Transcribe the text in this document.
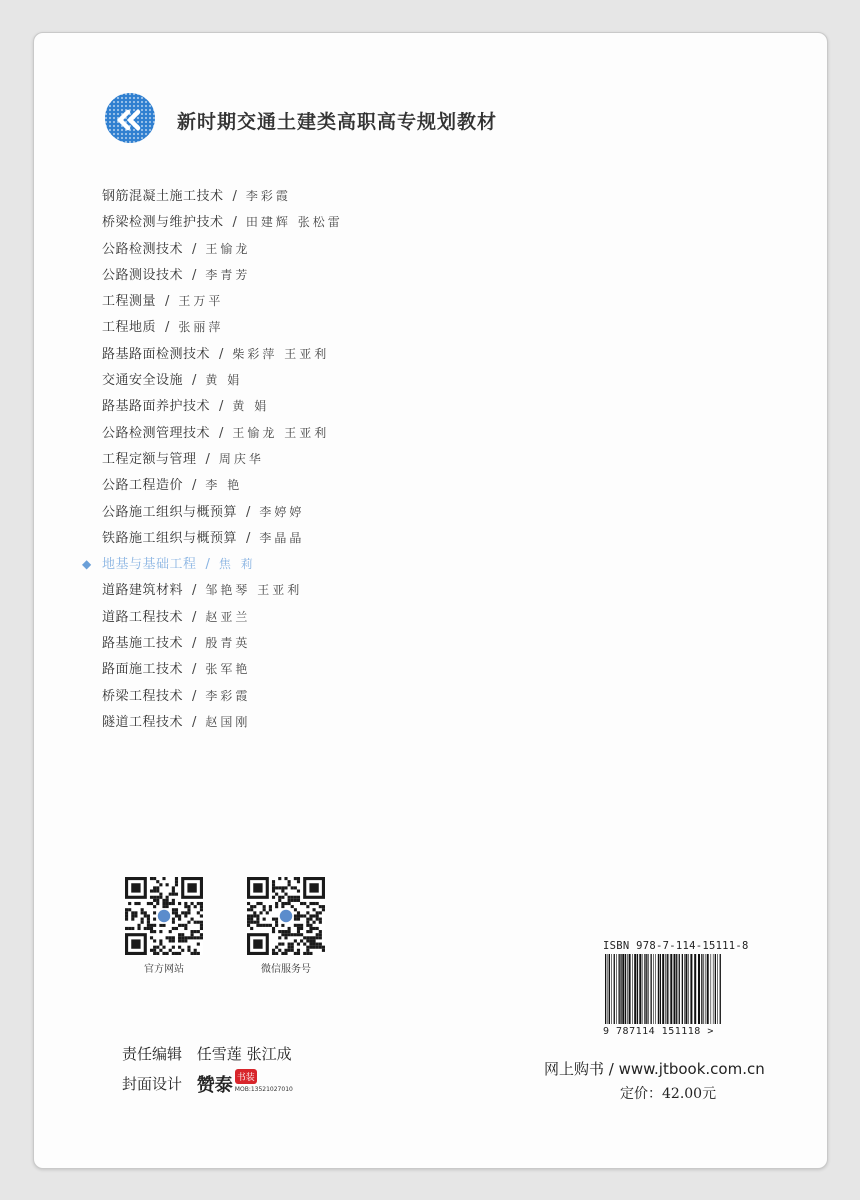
新时期交通土建类高职高专规划教材
钢筋混凝土施工技术 / 李彩霞
桥梁检测与维护技术 / 田建辉 张松雷
公路检测技术 / 王愉龙
公路测设技术 / 李青芳
工程测量 / 王万平
工程地质 / 张丽萍
路基路面检测技术 / 柴彩萍 王亚利
交通安全设施 / 黄 娟
路基路面养护技术 / 黄 娟
公路检测管理技术 / 王愉龙 王亚利
工程定额与管理 / 周庆华
公路工程造价 / 李 艳
公路施工组织与概预算 / 李婷婷
铁路施工组织与概预算 / 李晶晶
◆ 地基与基础工程 / 焦 莉
道路建筑材料 / 邹艳琴 王亚利
道路工程技术 / 赵亚兰
路基施工技术 / 殷青英
路面施工技术 / 张军艳
桥梁工程技术 / 李彩霞
隧道工程技术 / 赵国刚
官方网站	微信服务号
ISBN 978-7-114-15111-8
9 787114 151118 >
责任编辑 任雪莲 张江成
封面设计 赞泰 书装
MOB:13521027010
网上购书 / www.jtbook.com.cn
定价：42.00元
